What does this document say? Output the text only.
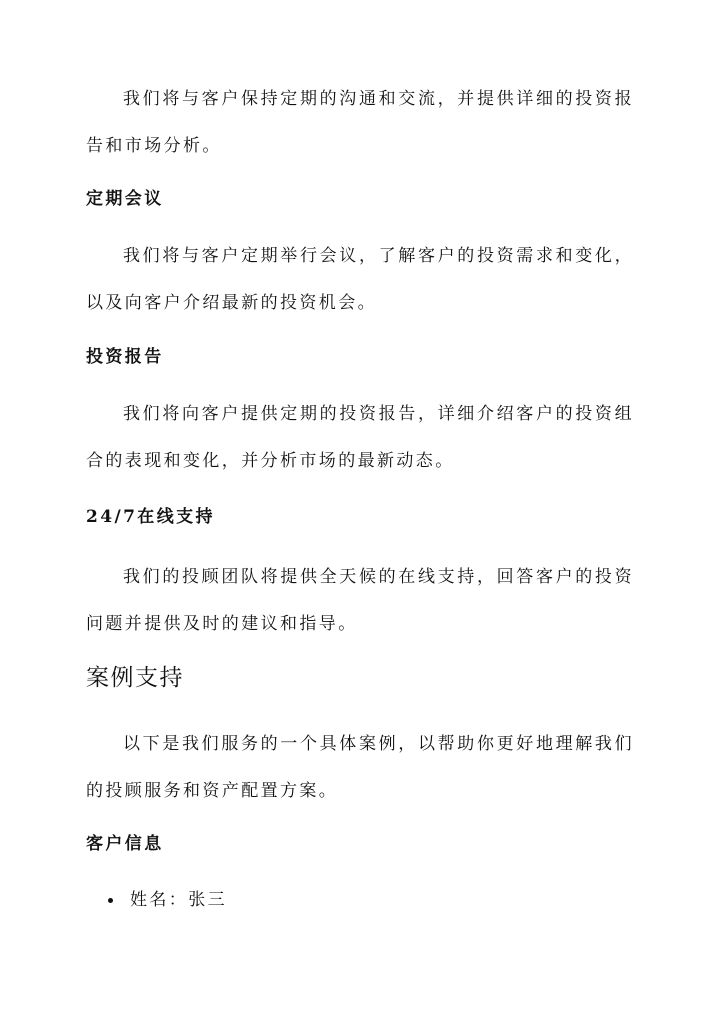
我们将与客户保持定期的沟通和交流，并提供详细的投资报告和市场分析。

定期会议

我们将与客户定期举行会议，了解客户的投资需求和变化，以及向客户介绍最新的投资机会。

投资报告

我们将向客户提供定期的投资报告，详细介绍客户的投资组合的表现和变化，并分析市场的最新动态。

24/7在线支持

我们的投顾团队将提供全天候的在线支持，回答客户的投资问题并提供及时的建议和指导。

案例支持

以下是我们服务的一个具体案例，以帮助你更好地理解我们的投顾服务和资产配置方案。

客户信息
姓名：张三
